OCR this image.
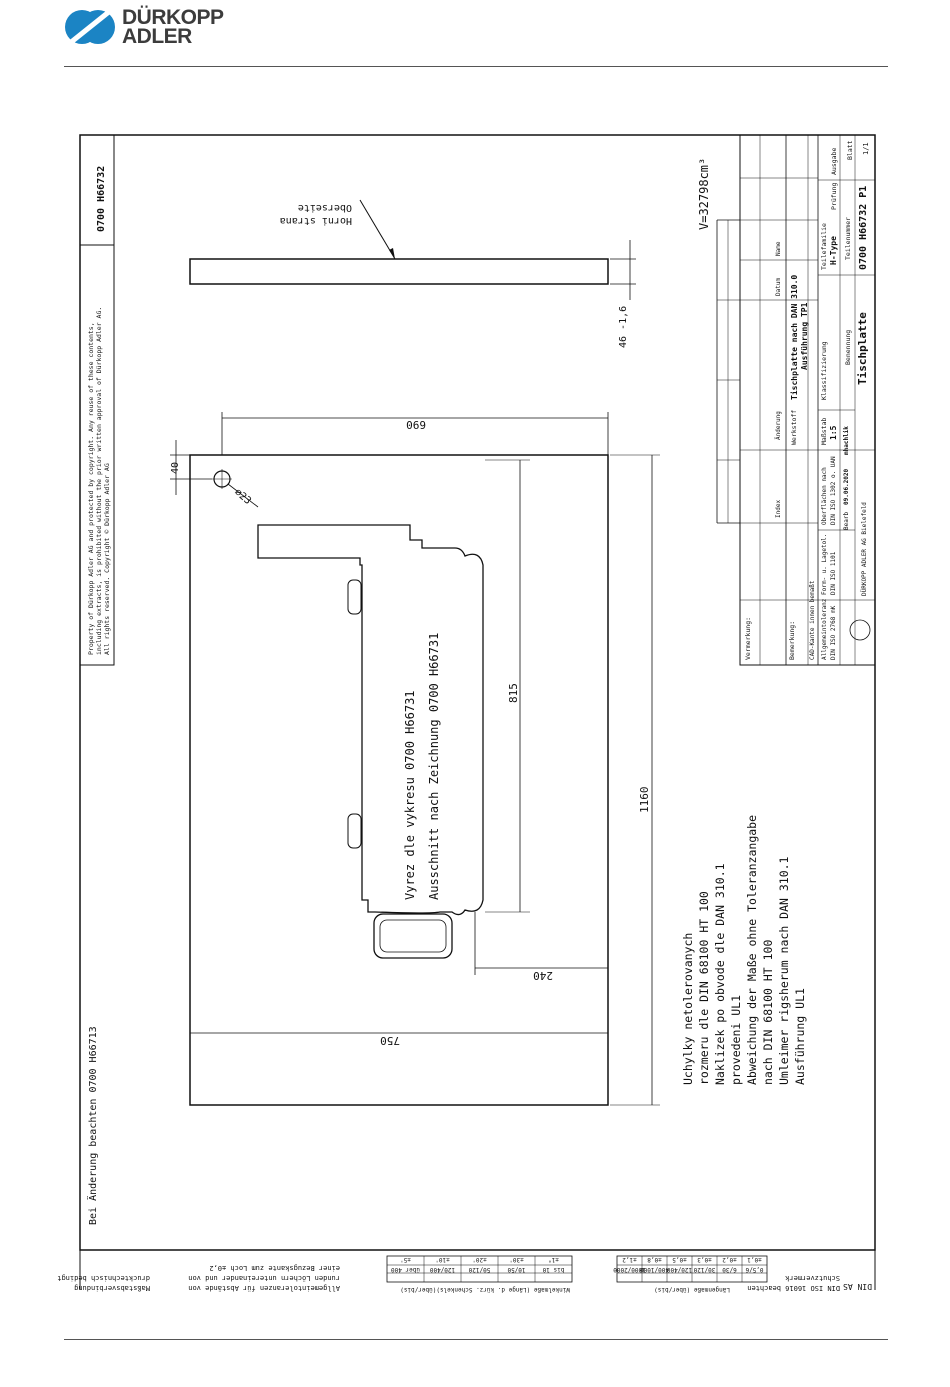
DÜRKOPP
ADLER
0700 H66732
Property of Dürkopp Adler AG and protected by copyright. Any reuse of these contents, including extracts, is prohibited without the prior written approval of Dürkopp Adler AG. All rights reserved. Copyright © Dürkopp Adler AG
Bei Änderung beachten 0700 H66713
Oberseite
Horni strana
46 -1,6
Vyrez dle vykresu 0700 H66731 Ausschnitt nach Zeichnung 0700 H66731
⌀23
40
690
815
240
750
1160
V=32798cm³
Uchylky netolerovanych rozmeru dle DIN 68100 HT 100 Naklizek po obvode dle DAN 310.1 provedeni UL1 Abweichung der Maße ohne Toleranzangabe nach DIN 68100 HT 100 Umleimer rigsherum nach DAN 310.1 Ausführung UL1
Index
Änderung
Datum
Name
Werkstoff
Tischplatte nach DAN 310.0 Ausführung TP1
Maßstab 1:5
Klassifizierung
Teilefamilie H-Type
Prüfung
Ausgabe
Benennung Tischplatte
Teilenummer 0700 H66732 P1
Blatt 1/1
Vermerkung:	Bemerkung: CAD-Kante innen bemaßt Allgemeintoleranz DIN ISO 2768 mK
Form- u. Lagetol. DIN ISO 1101
Oberflächen nach DIN ISO 1302 o. UAN Bearb
09.06.2020
mhachlik
DÜRKOPP ADLER AG Bielefeld
Maßstabsverbindung
drucktechnisch bedingt
Allgemeintoleranzen für Abstände von
runden Löchern untereinander und von
einer Bezugskante zum Loch ±0,2
Winkelmaße (Länge d. kürz. Schenkels)(über/bis)
bis 10
±1°
10/50
±30'
50/120
±20'
120/400
±10'
über 400
±5'
Längenmaße (über/bis)
0,5/6
±0,1
6/30
±0,2
30/120
±0,3
120/400
±0,5
400/1000
±0,8
1000/2000
±1,2
DIN ISO 16016 beachten
Schutzvermerk
DIN AS
